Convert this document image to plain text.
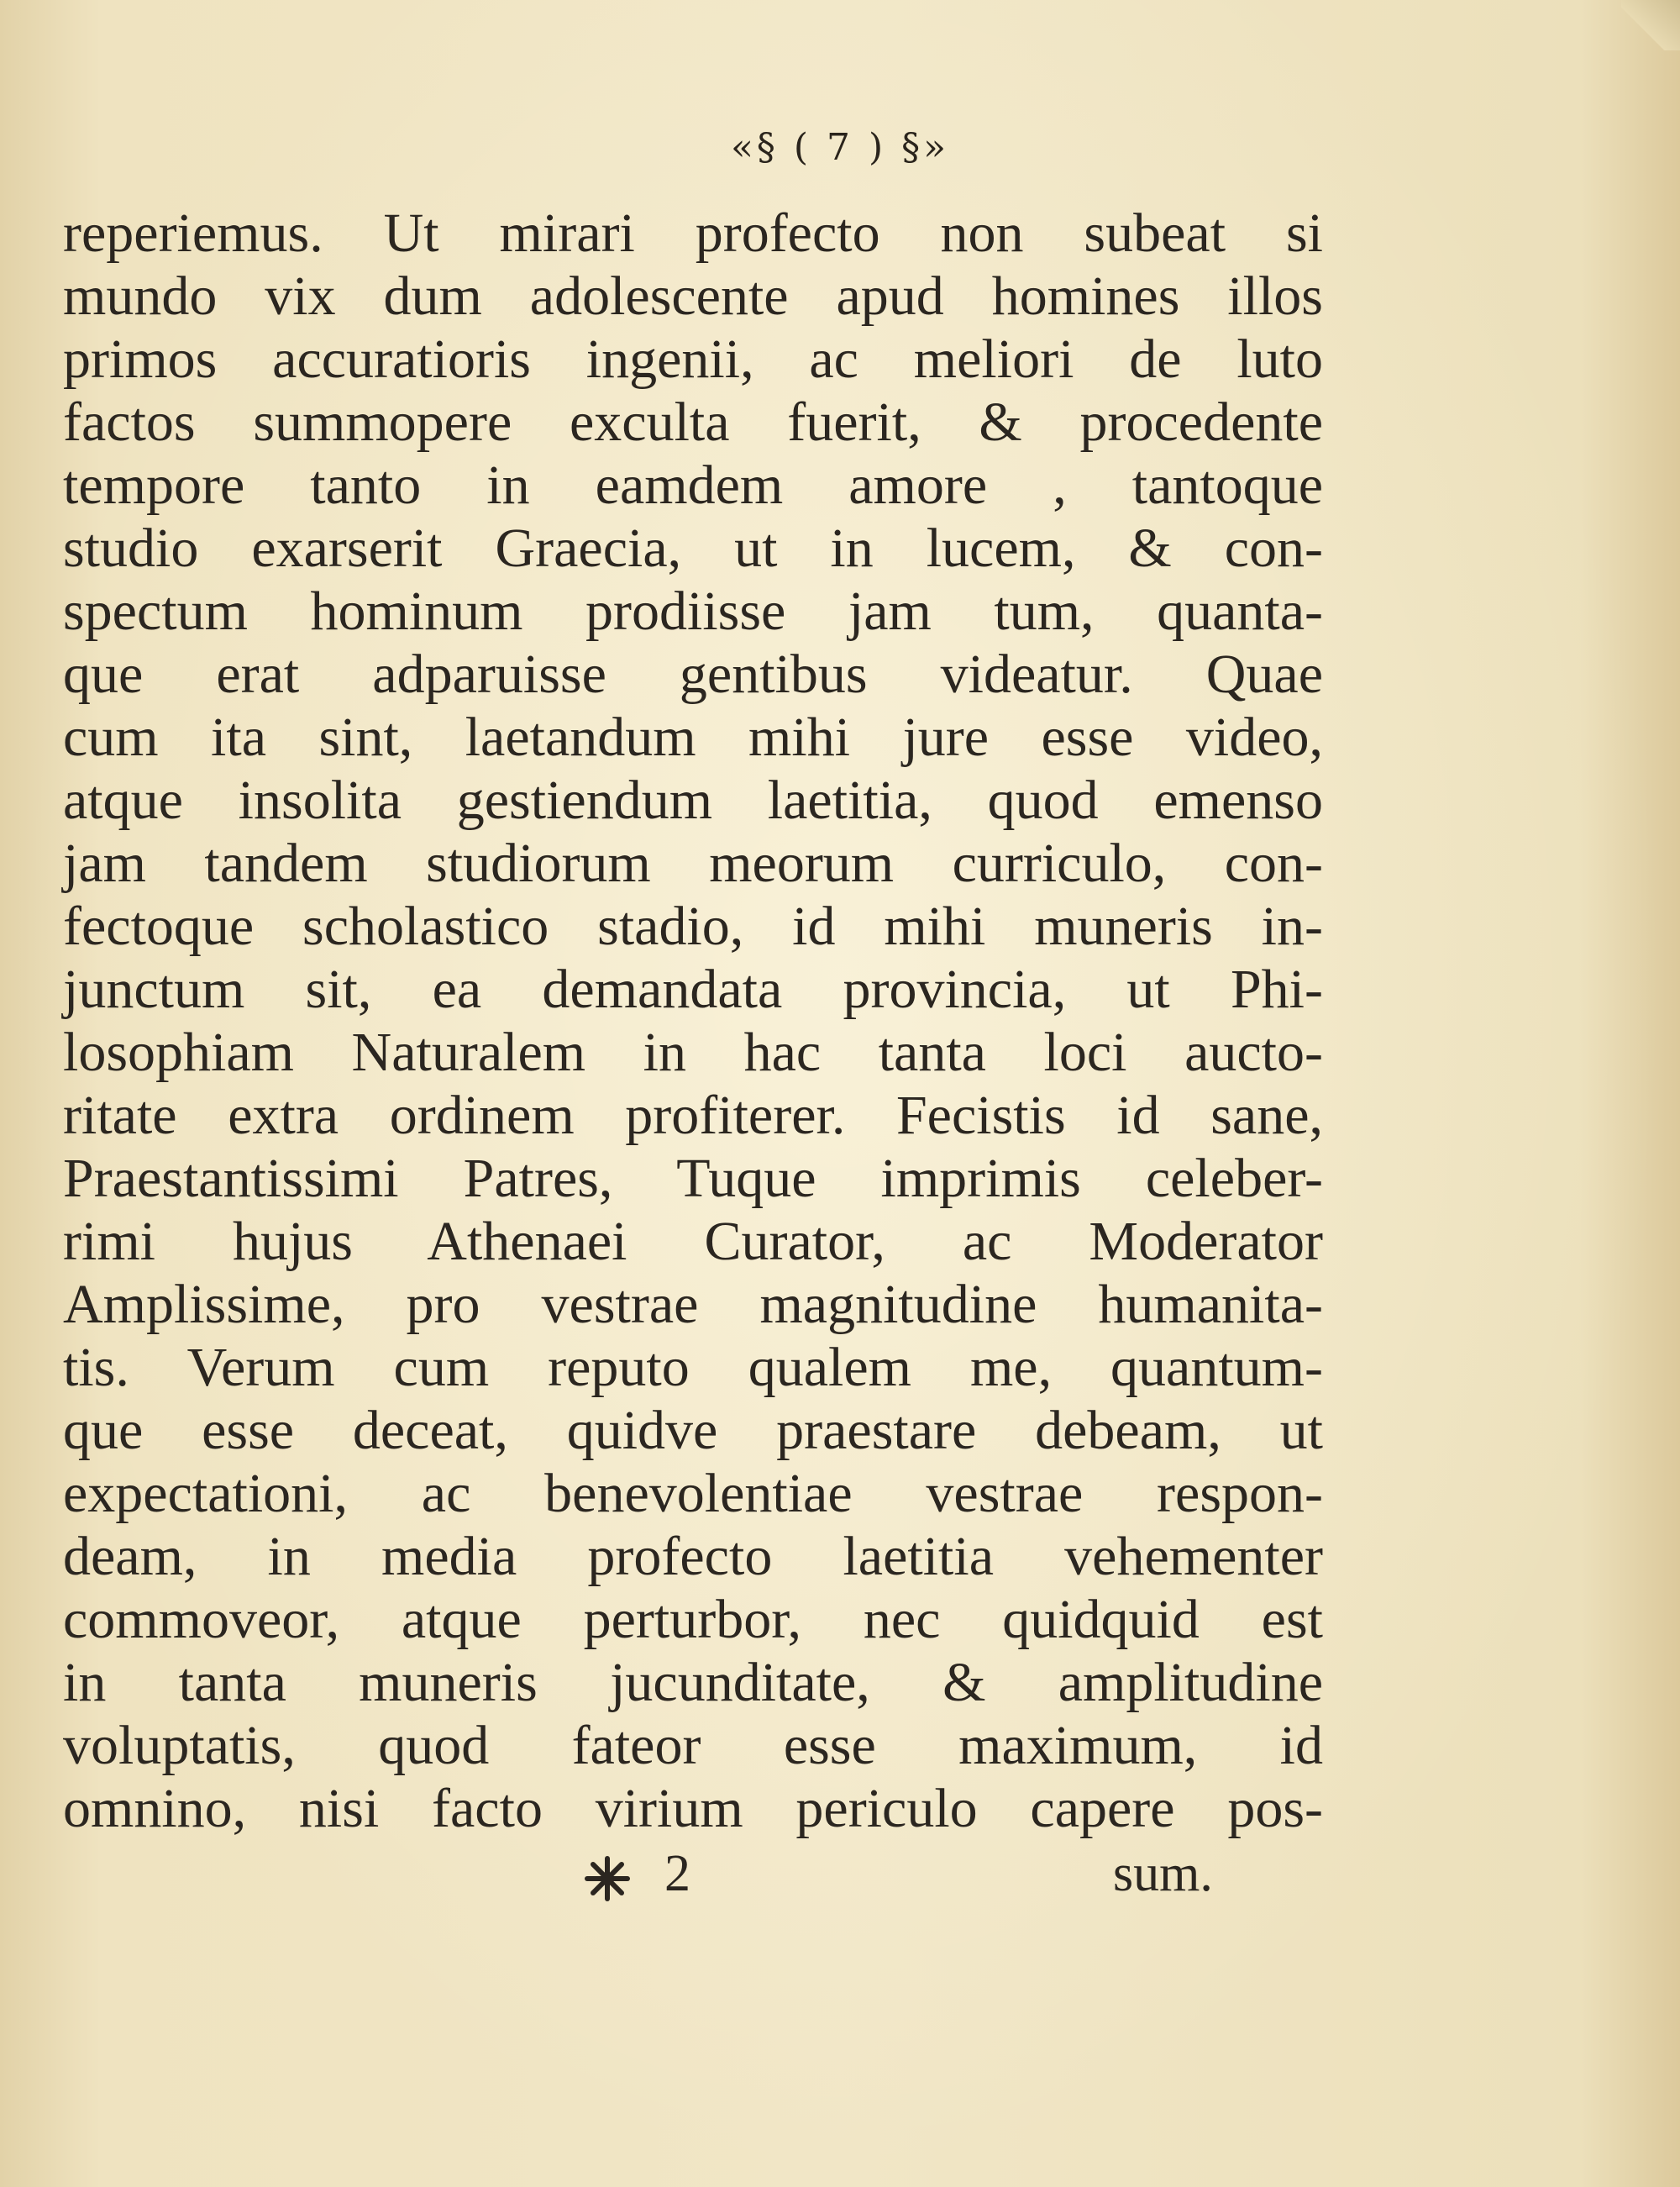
«§ ( 7 ) §»
reperiemus. Ut mirari profecto non subeat si
mundo vix dum adolescente apud homines illos
primos accuratioris ingenii, ac meliori de luto
factos summopere exculta fuerit, & procedente
tempore tanto in eamdem amore , tantoque
studio exarserit Graecia, ut in lucem, & con-
spectum hominum prodiisse jam tum, quanta-
que erat adparuisse gentibus videatur. Quae
cum ita sint, laetandum mihi jure esse video,
atque insolita gestiendum laetitia, quod emenso
jam tandem studiorum meorum curriculo, con-
fectoque scholastico stadio, id mihi muneris in-
junctum sit, ea demandata provincia, ut Phi-
losophiam Naturalem in hac tanta loci aucto-
ritate extra ordinem profiterer. Fecistis id sane,
Praestantissimi Patres, Tuque imprimis celeber-
rimi hujus Athenaei Curator, ac Moderator
Amplissime, pro vestrae magnitudine humanita-
tis. Verum cum reputo qualem me, quantum-
que esse deceat, quidve praestare debeam, ut
expectationi, ac benevolentiae vestrae respon-
deam, in media profecto laetitia vehementer
commoveor, atque perturbor, nec quidquid est
in tanta muneris jucunditate, & amplitudine
voluptatis, quod fateor esse maximum, id
omnino, nisi facto virium periculo capere pos-
2	sum.
